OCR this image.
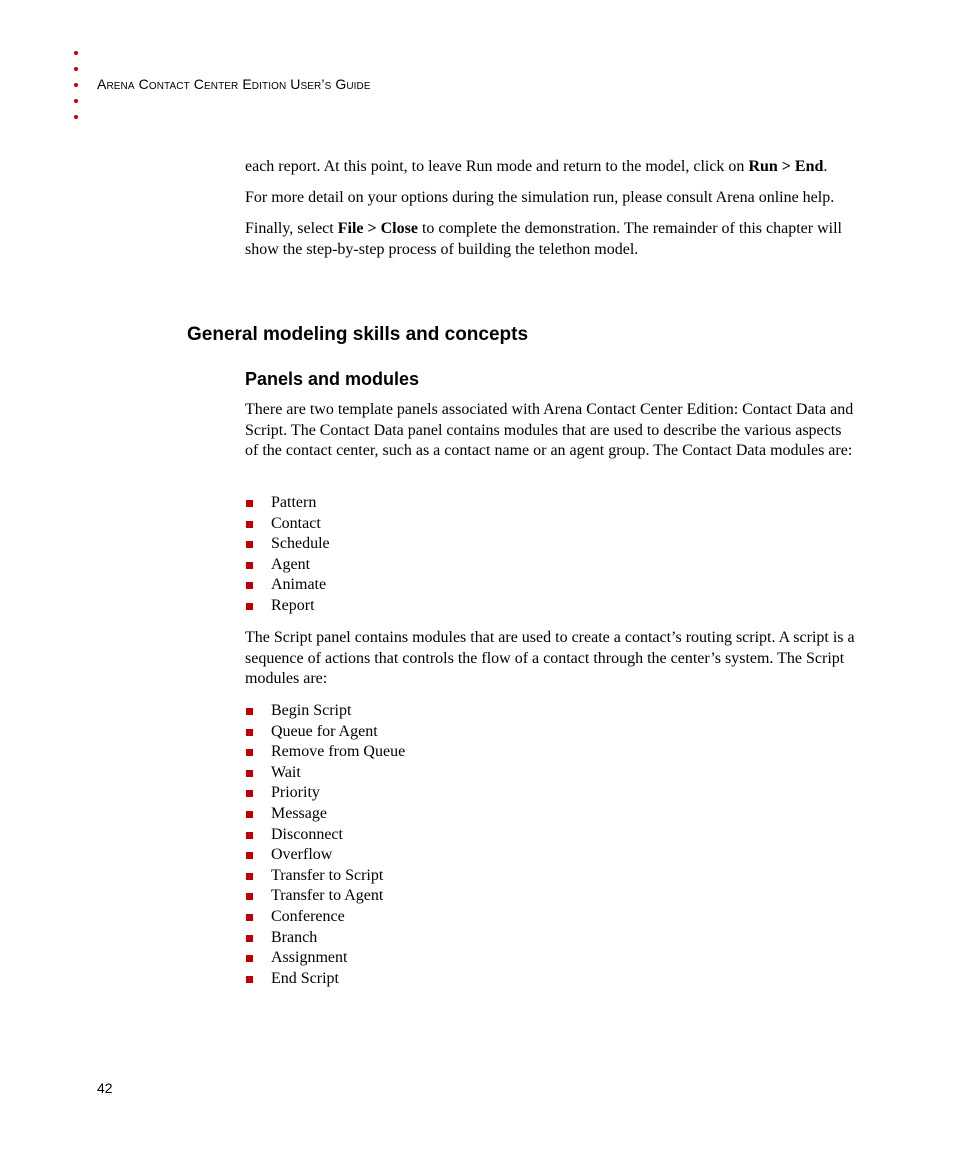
Arena Contact Center Edition User’s Guide

each report. At this point, to leave Run mode and return to the model, click on Run > End.

For more detail on your options during the simulation run, please consult Arena online help.

Finally, select File > Close to complete the demonstration. The remainder of this chapter will show the step-by-step process of building the telethon model.

General modeling skills and concepts
Panels and modules

There are two template panels associated with Arena Contact Center Edition: Contact Data and Script. The Contact Data panel contains modules that are used to describe the various aspects of the contact center, such as a contact name or an agent group. The Contact Data modules are:

Pattern
Contact
Schedule
Agent
Animate
Report

The Script panel contains modules that are used to create a contact’s routing script. A script is a sequence of actions that controls the flow of a contact through the center’s system. The Script modules are:

Begin Script
Queue for Agent
Remove from Queue
Wait
Priority
Message
Disconnect
Overflow
Transfer to Script
Transfer to Agent
Conference
Branch
Assignment
End Script
42
